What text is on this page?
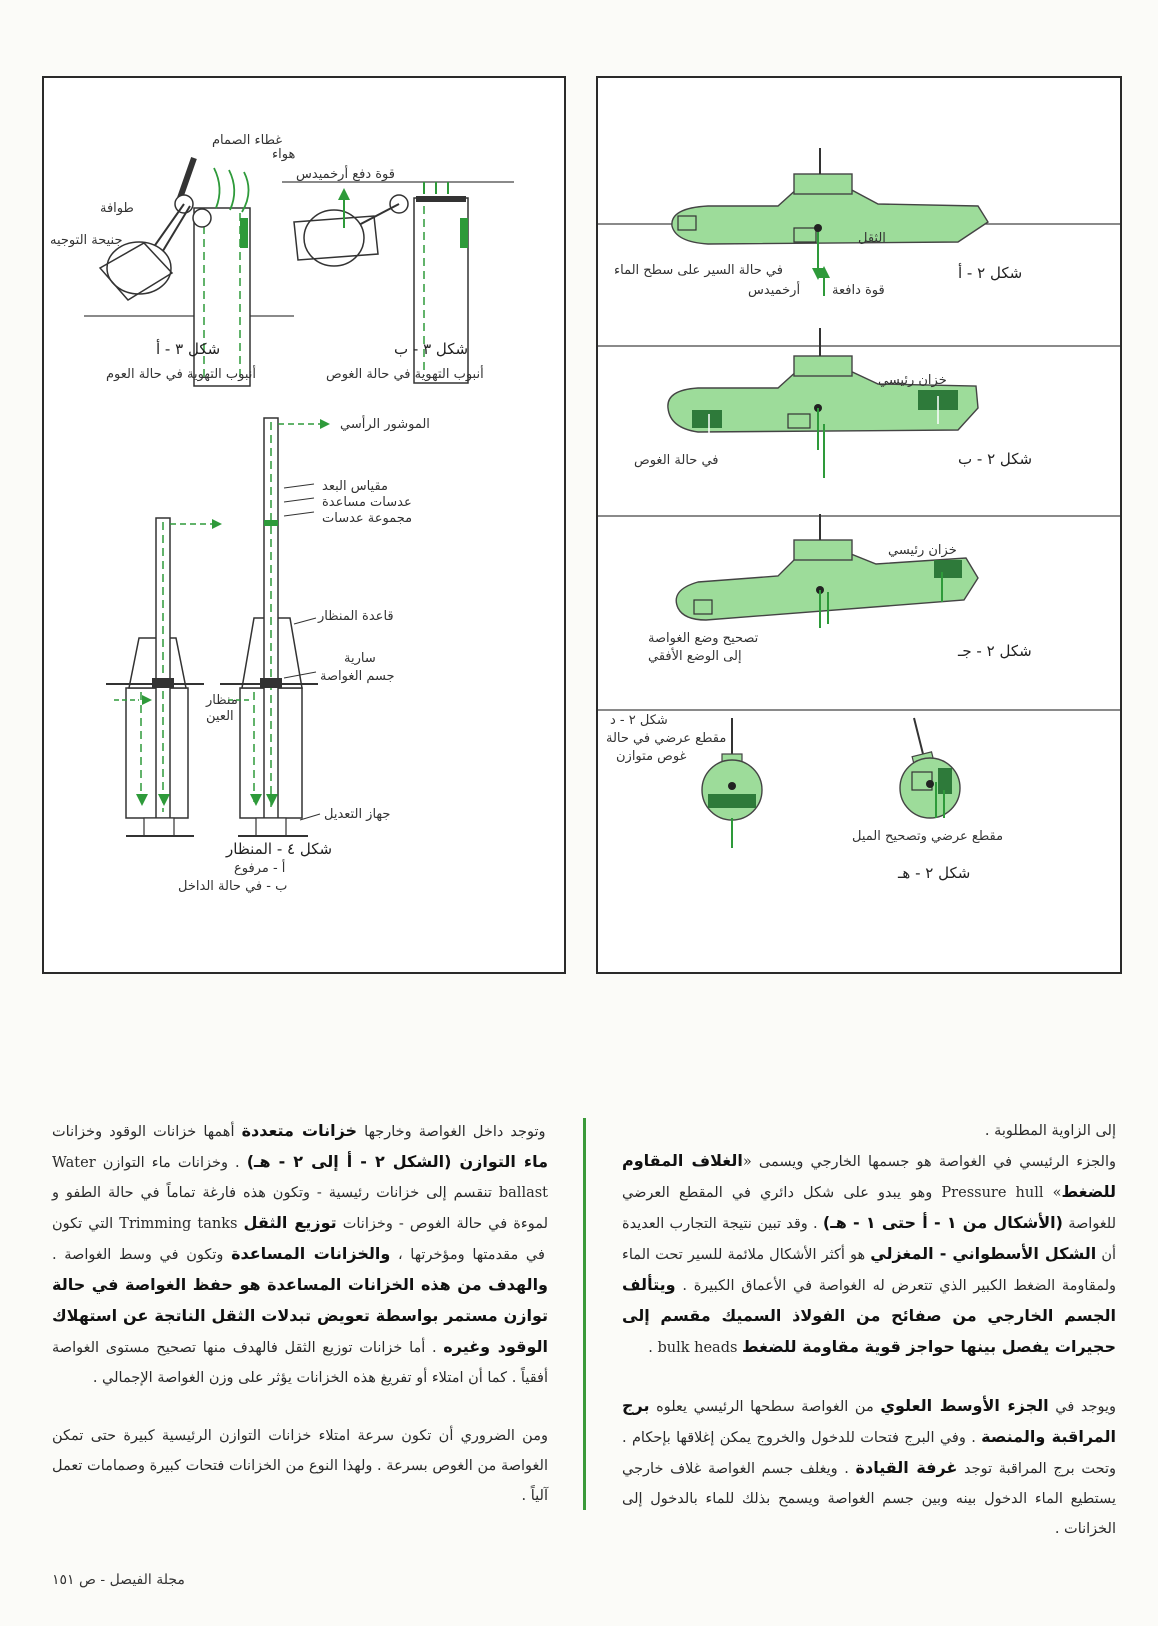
غطاء الصمام
هواء
طوافة
جنيحة التوجيه
شكل ٣ - أ
أنبوب التهوية في حالة العوم
قوة دفع أرخميدس
شكل ٣ - ب
أنبوب التهوية في حالة الغوص
الموشور الرأسي
مقياس البعد
عدسات مساعدة
مجموعة عدسات
قاعدة المنظار
سارية
جسم الغواصة
منظار
العين
جهاز التعديل
شكل ٤ - المنظار
أ - مرفوع
ب - في حالة الداخل
الثقل
في حالة السير على سطح الماء
قوة دافعة
أرخميدس
شكل ٢ - أ
خزان رئيسي
في حالة الغوص	شكل ٢ - ب
خزان رئيسي
تصحيح وضع الغواصة
إلى الوضع الأفقي	شكل ٢ - جـ
شكل ٢ - د
مقطع عرضي في حالة
غوص متوازن
مقطع عرضي وتصحيح الميل
شكل ٢ - هـ

إلى الزاوية المطلوبة .

والجزء الرئيسي في الغواصة هو جسمها الخارجي ويسمى «الغلاف المقاوم للضغط» Pressure hull وهو يبدو على شكل دائري في المقطع العرضي للغواصة (الأشكال من ١ - أ حتى ١ - هـ) . وقد تبين نتيجة التجارب العديدة أن الشكل الأسطواني - المغزلي هو أكثر الأشكال ملائمة للسير تحت الماء ولمقاومة الضغط الكبير الذي تتعرض له الغواصة في الأعماق الكبيرة . ويتألف الجسم الخارجي من صفائح من الفولاذ السميك مقسم إلى حجيرات يفصل بينها حواجز قوية مقاومة للضغط bulk heads .

ويوجد في الجزء الأوسط العلوي من الغواصة سطحها الرئيسي يعلوه برج المراقبة والمنصة . وفي البرج فتحات للدخول والخروج يمكن إغلاقها بإحكام . وتحت برج المراقبة توجد غرفة القيادة . ويغلف جسم الغواصة غلاف خارجي يستطيع الماء الدخول بينه وبين جسم الغواصة ويسمح بذلك للماء بالدخول إلى الخزانات .

وتوجد داخل الغواصة وخارجها خزانات متعددة أهمها خزانات الوقود وخزانات ماء التوازن (الشكل ٢ - أ إلى ٢ - هـ) . وخزانات ماء التوازن Water ballast تنقسم إلى خزانات رئيسية - وتكون هذه فارغة تماماً في حالة الطفو و لموءة في حالة الغوص - وخزانات توزيع الثقل Trimming tanks التي تكون في مقدمتها ومؤخرتها ، والخزانات المساعدة وتكون في وسط الغواصة . والهدف من هذه الخزانات المساعدة هو حفظ الغواصة في حالة توازن مستمر بواسطة تعويض تبدلات الثقل الناتجة عن استهلاك الوقود وغيره . أما خزانات توزيع الثقل فالهدف منها تصحيح مستوى الغواصة أفقياً . كما أن امتلاء أو تفريغ هذه الخزانات يؤثر على وزن الغواصة الإجمالي .

ومن الضروري أن تكون سرعة امتلاء خزانات التوازن الرئيسية كبيرة حتى تمكن الغواصة من الغوص بسرعة . ولهذا النوع من الخزانات فتحات كبيرة وصمامات تعمل آلياً .

مجلة الفيصل - ص ١٥١
